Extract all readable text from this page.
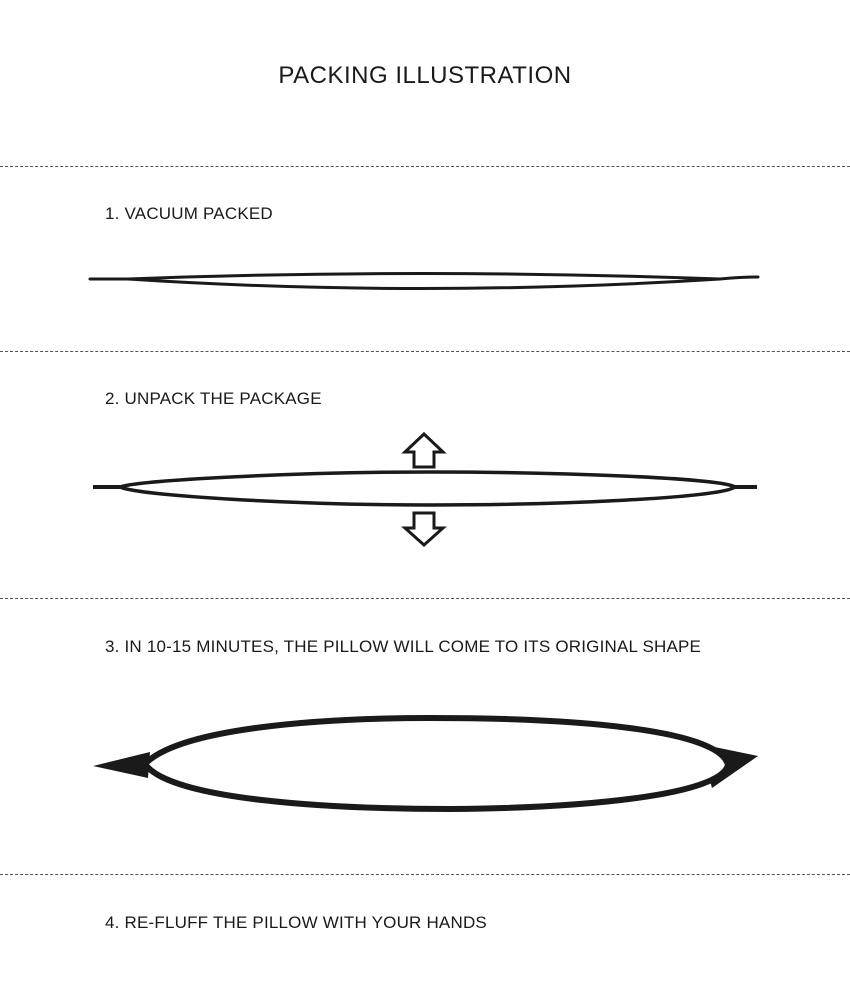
PACKING ILLUSTRATION
1. VACUUM PACKED
2. UNPACK THE PACKAGE
3. IN 10-15 MINUTES, THE PILLOW WILL COME TO ITS ORIGINAL SHAPE
4. RE-FLUFF THE PILLOW WITH YOUR HANDS
